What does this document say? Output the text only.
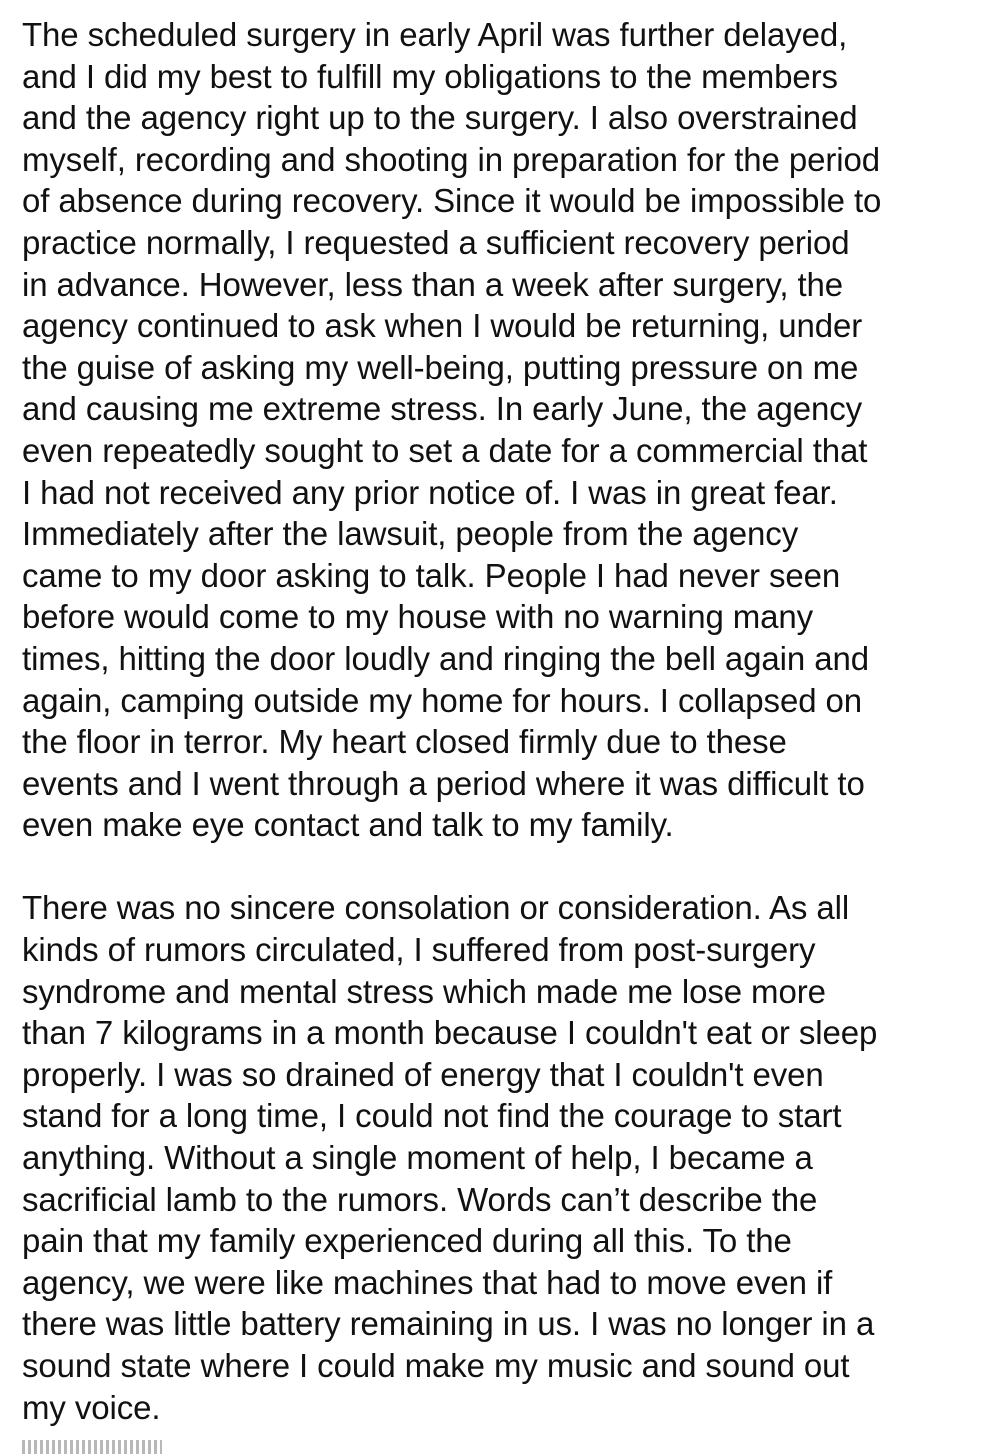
The scheduled surgery in early April was further delayed,
and I did my best to fulfill my obligations to the members
and the agency right up to the surgery. I also overstrained
myself, recording and shooting in preparation for the period
of absence during recovery. Since it would be impossible to
practice normally, I requested a sufficient recovery period
in advance. However, less than a week after surgery, the
agency continued to ask when I would be returning, under
the guise of asking my well-being, putting pressure on me
and causing me extreme stress. In early June, the agency
even repeatedly sought to set a date for a commercial that
I had not received any prior notice of. I was in great fear.
Immediately after the lawsuit, people from the agency
came to my door asking to talk. People I had never seen
before would come to my house with no warning many
times, hitting the door loudly and ringing the bell again and
again, camping outside my home for hours. I collapsed on
the floor in terror. My heart closed firmly due to these
events and I went through a period where it was difficult to
even make eye contact and talk to my family.
There was no sincere consolation or consideration. As all
kinds of rumors circulated, I suffered from post-surgery
syndrome and mental stress which made me lose more
than 7 kilograms in a month because I couldn't eat or sleep
properly. I was so drained of energy that I couldn't even
stand for a long time, I could not find the courage to start
anything. Without a single moment of help, I became a
sacrificial lamb to the rumors. Words can’t describe the
pain that my family experienced during all this. To the
agency, we were like machines that had to move even if
there was little battery remaining in us. I was no longer in a
sound state where I could make my music and sound out
my voice.
